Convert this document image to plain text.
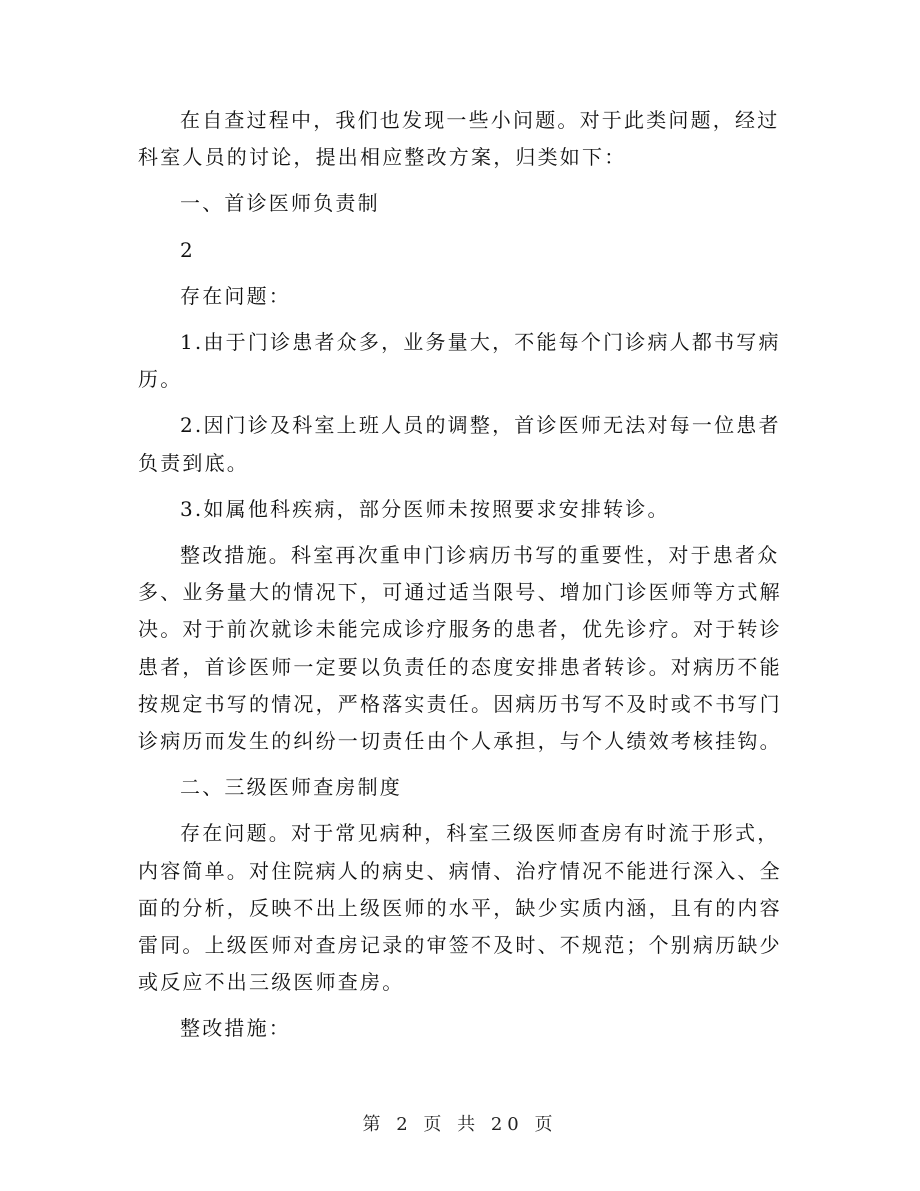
在自查过程中，我们也发现一些小问题。对于此类问题，经过科室人员的讨论，提出相应整改方案，归类如下：

一、首诊医师负责制

2

存在问题：

1.由于门诊患者众多，业务量大，不能每个门诊病人都书写病历。

2.因门诊及科室上班人员的调整，首诊医师无法对每一位患者负责到底。

3.如属他科疾病，部分医师未按照要求安排转诊。

整改措施。科室再次重申门诊病历书写的重要性，对于患者众多、业务量大的情况下，可通过适当限号、增加门诊医师等方式解决。对于前次就诊未能完成诊疗服务的患者，优先诊疗。对于转诊患者，首诊医师一定要以负责任的态度安排患者转诊。对病历不能按规定书写的情况，严格落实责任。因病历书写不及时或不书写门诊病历而发生的纠纷一切责任由个人承担，与个人绩效考核挂钩。

二、三级医师查房制度

存在问题。对于常见病种，科室三级医师查房有时流于形式，内容简单。对住院病人的病史、病情、治疗情况不能进行深入、全面的分析，反映不出上级医师的水平，缺少实质内涵，且有的内容雷同。上级医师对查房记录的审签不及时、不规范；个别病历缺少或反应不出三级医师查房。

整改措施：

第 2 页 共 20 页
